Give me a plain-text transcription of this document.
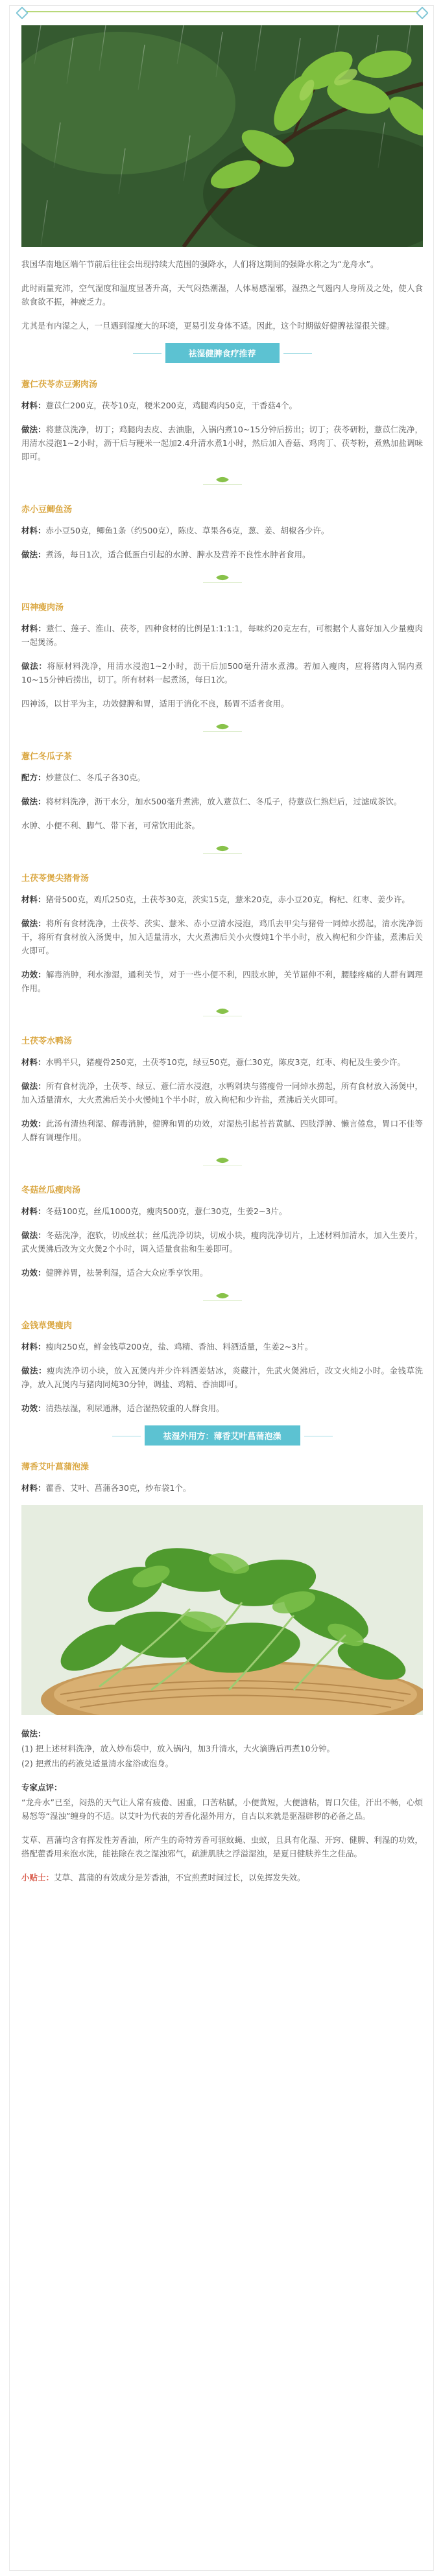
我国华南地区端午节前后往往会出现持续大范围的强降水，人们将这期间的强降水称之为“龙舟水”。

此时雨量充沛，空气湿度和温度显著升高，天气闷热潮湿，人体易感湿邪，湿热之气遏内人身所及之处，使人食欲食欲不振，神疲乏力。

尤其是有内湿之人，一旦遇到湿度大的环境，更易引发身体不适。因此，这个时期做好健脾祛湿很关键。

祛湿健脾食疗推荐
薏仁茯苓赤豆粥肉汤

材料：薏苡仁200克，茯苓10克，粳米200克，鸡腿鸡肉50克，干香菇4个。

做法：将薏苡洗净，切丁；鸡腿肉去皮、去油脂，入锅内煮10~15分钟后捞出；切丁；茯苓研粉，薏苡仁洗净，用清水浸泡1~2小时，沥干后与粳米一起加2.4升清水煮1小时，然后加入香菇、鸡肉丁、茯苓粉，煮熟加盐调味即可。

赤小豆鲫鱼汤

材料：赤小豆50克，鲫鱼1条（约500克），陈皮、草果各6克，葱、姜、胡椒各少许。

做法：煮汤，每日1次，适合低蛋白引起的水肿、脾水及营养不良性水肿者食用。

四神瘦肉汤

材料：薏仁、莲子、淮山、茯苓，四种食材的比例是1:1:1:1，每味约20克左右，可根据个人喜好加入少量瘦肉一起煲汤。

做法：将原材料洗净，用清水浸泡1~2小时，沥干后加500毫升清水煮沸。若加入瘦肉，应将猪肉入锅内煮10~15分钟后捞出，切丁。所有材料一起煮汤，每日1次。

四神汤，以甘平为主，功效健脾和胃，适用于消化不良，肠胃不适者食用。

薏仁冬瓜子茶

配方：炒薏苡仁、冬瓜子各30克。

做法：将材料洗净，沥干水分，加水500毫升煮沸，放入薏苡仁、冬瓜子，待薏苡仁熟烂后，过滤成茶饮。

水肿、小便不利、脚气、带下者，可常饮用此茶。

土茯苓煲尖猪骨汤

材料：猪骨500克，鸡爪250克，土茯苓30克，茨实15克，薏米20克，赤小豆20克，枸杞、红枣、姜少许。

做法：将所有食材洗净，土茯苓、茨实、薏米、赤小豆清水浸泡，鸡爪去甲尖与猪骨一同焯水捞起，清水洗净沥干，将所有食材放入汤煲中，加入适量清水，大火煮沸后关小火慢炖1个半小时，放入枸杞和少许盐，煮沸后关火即可。

功效：解毒消肿，利水渗湿，通利关节，对于一些小便不利，四肢水肿，关节屈伸不利，腰膝疼痛的人群有调理作用。

土茯苓水鸭汤

材料：水鸭半只，猪瘦骨250克，土茯苓10克，绿豆50克，薏仁30克，陈皮3克，红枣、枸杞及生姜少许。

做法：所有食材洗净，土茯苓、绿豆、薏仁清水浸泡，水鸭剁块与猪瘦骨一同焯水捞起，所有食材放入汤煲中，加入适量清水，大火煮沸后关小火慢炖1个半小时，放入枸杞和少许盐，煮沸后关火即可。

功效：此汤有清热利湿、解毒消肿，健脾和胃的功效，对湿热引起苔苔黄腻、四肢浮肿、懒言倦怠，胃口不佳等人群有调理作用。

冬菇丝瓜瘦肉汤

材料：冬菇100克，丝瓜1000克，瘦肉500克，薏仁30克，生姜2~3片。

做法：冬菇洗净，泡软，切成丝状；丝瓜洗净切块，切成小块，瘦肉洗净切片，上述材料加清水，加入生姜片，武火煲沸后改为文火煲2个小时，调入适量食盐和生姜即可。

功效：健脾养胃，祛暑利湿，适合大众应季享饮用。

金钱草煲瘦肉

材料：瘦肉250克，鲜金钱草200克，盐、鸡精、香油、料酒适量，生姜2~3片。

做法：瘦肉洗净切小块，放入瓦煲内并少许料酒姜姑冰，炎藏汁，先武火煲沸后，改文火炖2小时。金钱草洗净，放入瓦煲内与猪肉同炖30分钟，调盐、鸡精、香油即可。

功效：清热祛湿，利尿通淋，适合湿热较重的人群食用。

祛湿外用方：薄香艾叶菖蒲泡澡
薄香艾叶菖蒲泡澡

材料：藿香、艾叶、菖蒲各30克，炒布袋1个。

做法：

(1) 把上述材料洗净，放入炒布袋中，放入锅内，加3升清水，大火滴腾后再煮10分钟。

(2) 把煮出的药液兑适量清水盆浴或泡身。

专家点评：

“龙舟水”已至，闷热的天气让人常有疲倦、困重，口苦粘腻，小便黄短，大便溏粘，胃口欠佳，汗出不畅，心烦易怒等“湿浊”缠身的不适。以艾叶为代表的芳香化湿外用方，自古以来就是驱湿辟秽的必备之品。

艾草、菖蒲均含有挥发性芳香油，所产生的奇特芳香可驱蚊蝇、虫蚁，且具有化湿、开窍、健脾、利湿的功效，搭配藿香用来泡水洗，能祛除在表之湿浊邪气，疏泄肌肤之浮溢湿浊，是夏日健肤养生之佳品。

小贴士：艾草、菖蒲的有效成分是芳香油，不宜煎煮时间过长，以免挥发失效。
